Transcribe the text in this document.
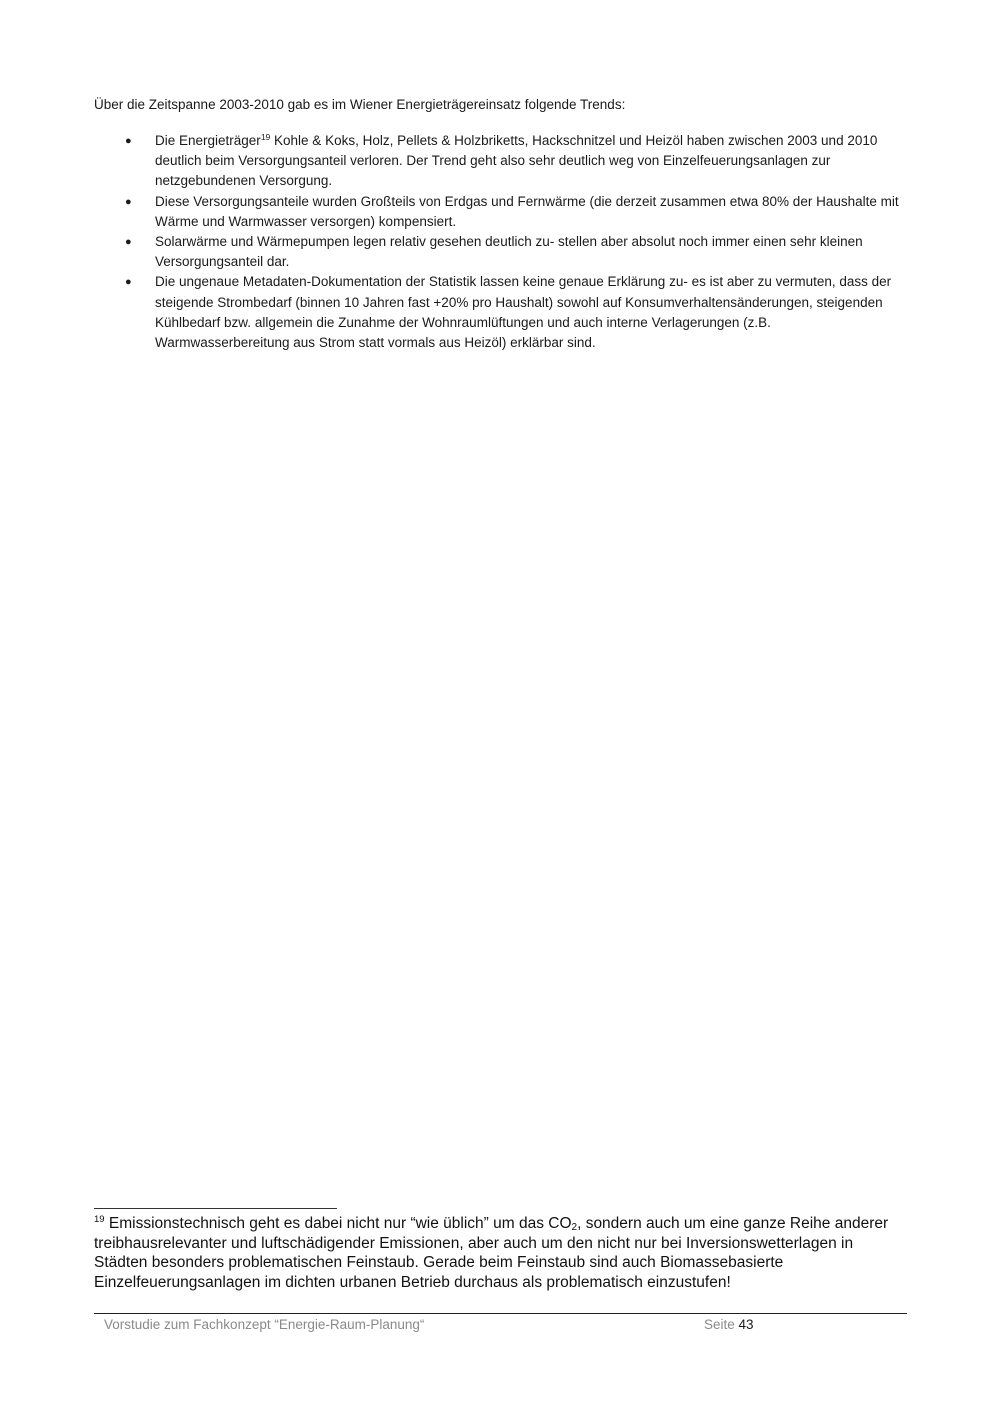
Über die Zeitspanne 2003-2010 gab es im Wiener Energieträgereinsatz folgende Trends:

● Die Energieträger$^{19}$ Kohle & Koks, Holz, Pellets & Holzbriketts, Hackschnitzel und Heizöl haben zwischen 2003 und 2010 deutlich beim Versorgungsanteil verloren. Der Trend geht also sehr deutlich weg von Einzelfeuerungsanlagen zur netzgebundenen Versorgung.
● Diese Versorgungsanteile wurden Großteils von Erdgas und Fernwärme (die derzeit zusammen etwa 80% der Haushalte mit Wärme und Warmwasser versorgen) kompensiert.
● Solarwärme und Wärmepumpen legen relativ gesehen deutlich zu- stellen aber absolut noch immer einen sehr kleinen Versorgungsanteil dar.
● Die ungenaue Metadaten-Dokumentation der Statistik lassen keine genaue Erklärung zu- es ist aber zu vermuten, dass der steigende Strombedarf (binnen 10 Jahren fast +20% pro Haushalt) sowohl auf Konsumverhaltensänderungen, steigenden Kühlbedarf bzw. allgemein die Zunahme der Wohnraumlüftungen und auch interne Verlagerungen (z.B. Warmwasserbereitung aus Strom statt vormals aus Heizöl) erklärbar sind.

$^{19}$ Emissionstechnisch geht es dabei nicht nur “wie üblich” um das $CO_2$, sondern auch um eine ganze Reihe anderer treibhausrelevanter und luftschädigender Emissionen, aber auch um den nicht nur bei Inversionswetterlagen in Städten besonders problematischen Feinstaub. Gerade beim Feinstaub sind auch Biomassebasierte Einzelfeuerungsanlagen im dichten urbanen Betrieb durchaus als problematisch einzustufen!

Vorstudie zum Fachkonzept “Energie-Raum-Planung“	Seite 43
